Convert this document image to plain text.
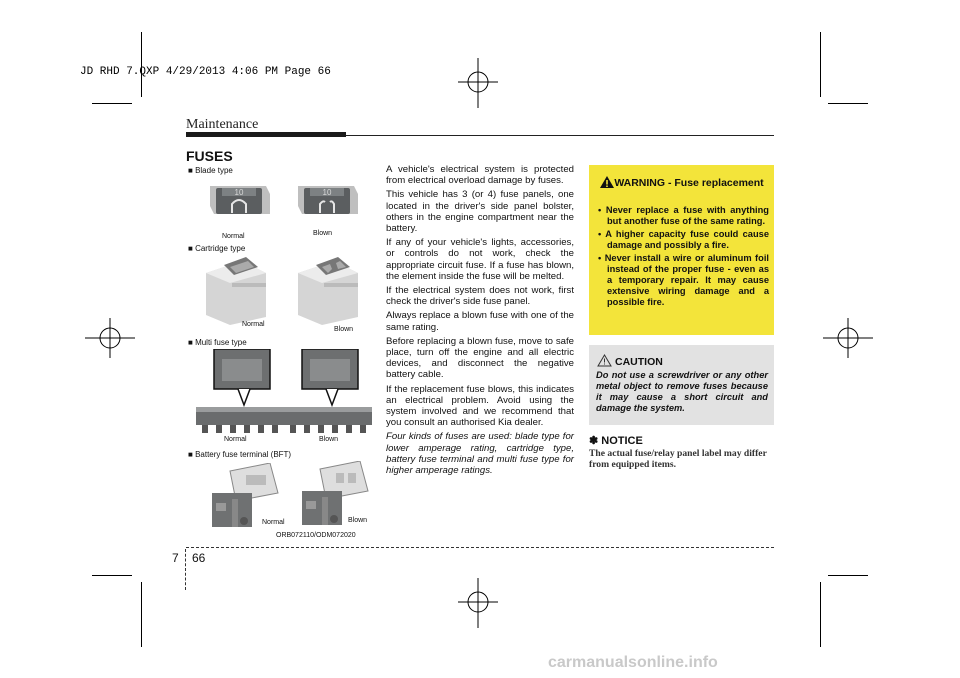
JD RHD 7.QXP 4/29/2013 4:06 PM Page 66
Maintenance
FUSES
■ Blade type
10
Normal
10
Blown
■ Cartridge type
Normal
Blown
■ Multi fuse type
Normal	Blown
■ Battery fuse terminal (BFT)
Normal	Blown
ORB072110/ODM072020

A vehicle's electrical system is protected from electrical overload damage by fuses.

This vehicle has 3 (or 4) fuse panels, one located in the driver's side panel bolster, others in the engine compartment near the battery.

If any of your vehicle's lights, accessories, or controls do not work, check the appropriate circuit fuse. If a fuse has blown, the element inside the fuse will be melted.

If the electrical system does not work, first check the driver's side fuse panel.

Always replace a blown fuse with one of the same rating.

Before replacing a blown fuse, move to safe place, turn off the engine and all electric devices, and disconnect the negative battery cable.

If the replacement fuse blows, this indicates an electrical problem. Avoid using the system involved and we recommend that you consult an authorised Kia dealer.

Four kinds of fuses are used: blade type for lower amperage rating, cartridge type, battery fuse terminal and multi fuse type for higher amperage ratings.

WARNING - Fuse replacement
• Never replace a fuse with anything but another fuse of the same rating.
• A higher capacity fuse could cause damage and possibly a fire.
• Never install a wire or aluminum foil instead of the proper fuse - even as a temporary repair. It may cause extensive wiring damage and a possible fire.
CAUTION
Do not use a screwdriver or any other metal object to remove fuses because it may cause a short circuit and damage the system.
✽ NOTICE
The actual fuse/relay panel label may differ from equipped items.
7 66
carmanualsonline.info
